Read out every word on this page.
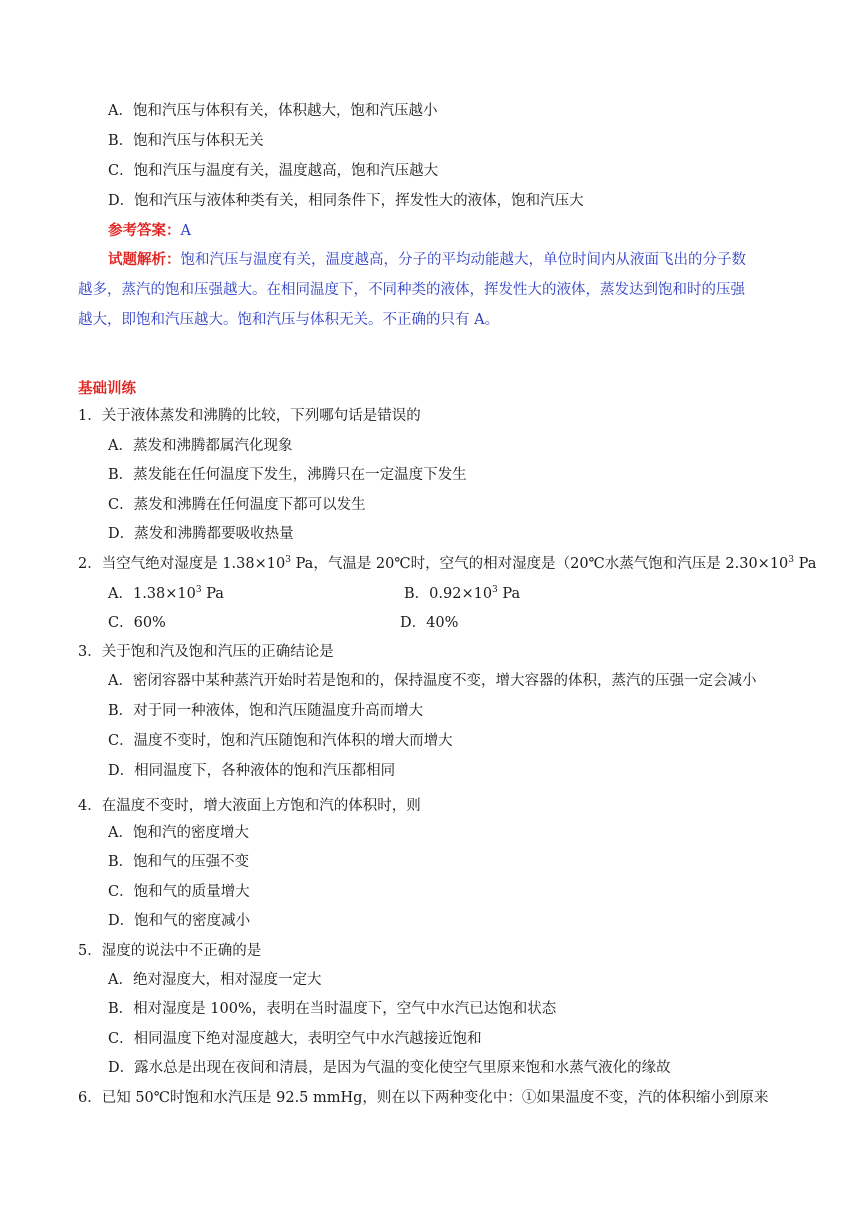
A．饱和汽压与体积有关，体积越大，饱和汽压越小
B．饱和汽压与体积无关
C．饱和汽压与温度有关，温度越高，饱和汽压越大
D．饱和汽压与液体种类有关，相同条件下，挥发性大的液体，饱和汽压大
参考答案：A
试题解析：饱和汽压与温度有关，温度越高，分子的平均动能越大，单位时间内从液面飞出的分子数
越多，蒸汽的饱和压强越大。在相同温度下，不同种类的液体，挥发性大的液体，蒸发达到饱和时的压强
越大，即饱和汽压越大。饱和汽压与体积无关。不正确的只有 A。
基础训练
1．关于液体蒸发和沸腾的比较，下列哪句话是错误的
A．蒸发和沸腾都属汽化现象
B．蒸发能在任何温度下发生，沸腾只在一定温度下发生
C．蒸发和沸腾在任何温度下都可以发生
D．蒸发和沸腾都要吸收热量
2．当空气绝对湿度是 $1.38\times 10^3$ Pa，气温是 20℃时，空气的相对湿度是（20℃水蒸气饱和汽压是 $2.30\times 10^3$ Pa
A．$1.38\times 10^3$ Pa	B．$0.92\times 10^3$ Pa
C．60%	D．40%
3．关于饱和汽及饱和汽压的正确结论是
A．密闭容器中某种蒸汽开始时若是饱和的，保持温度不变，增大容器的体积，蒸汽的压强一定会减小
B．对于同一种液体，饱和汽压随温度升高而增大
C．温度不变时，饱和汽压随饱和汽体积的增大而增大
D．相同温度下，各种液体的饱和汽压都相同
4．在温度不变时，增大液面上方饱和汽的体积时，则
A．饱和汽的密度增大
B．饱和气的压强不变
C．饱和气的质量增大
D．饱和气的密度减小
5．湿度的说法中不正确的是
A．绝对湿度大，相对湿度一定大
B．相对湿度是 100%，表明在当时温度下，空气中水汽已达饱和状态
C．相同温度下绝对湿度越大，表明空气中水汽越接近饱和
D．露水总是出现在夜间和清晨，是因为气温的变化使空气里原来饱和水蒸气液化的缘故
6．已知 50℃时饱和水汽压是 92.5 mmHg，则在以下两种变化中：①如果温度不变，汽的体积缩小到原来
